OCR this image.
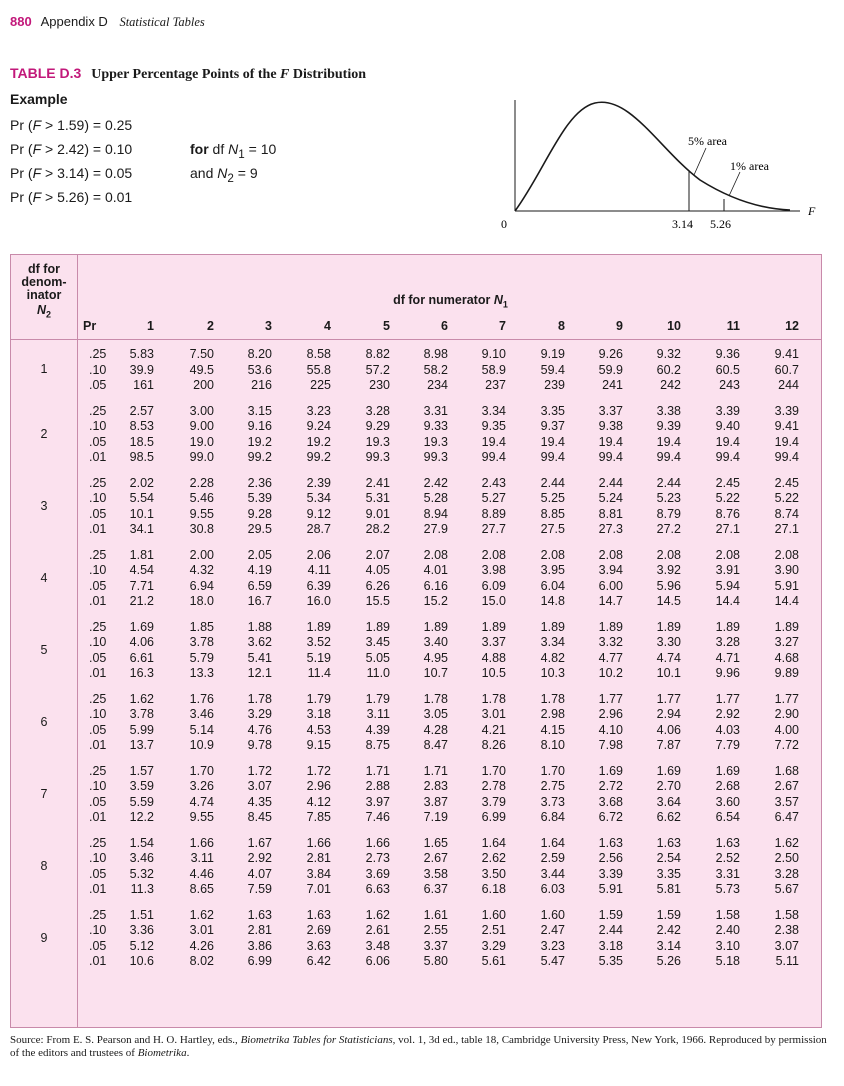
880 Appendix D Statistical Tables
TABLE D.3 Upper Percentage Points of the F Distribution
Example
Pr (F > 1.59) = 0.25
Pr (F > 2.42) = 0.10
Pr (F > 3.14) = 0.05
Pr (F > 5.26) = 0.01
for df $N_1 = 10$
and $N_2 = 9$
5% area
1% area
0	3.14 5.26
F
df for
denom-
inator
$N_2$
df for numerator $N_1$
Pr	1	2	3	4	5	6	7	8	9	10	11	12
.25 5.83	7.50	8.20	8.58	8.82	8.98	9.10	9.19	9.26	9.32	9.36	9.41
.10 39.9	49.5	53.6	55.8	57.2	58.2	58.9	59.4	59.9	60.2	60.5	60.7
.05 161	200	216	225	230	234	237	239	241	242	243	244
1
.25 2.57	3.00	3.15	3.23	3.28	3.31	3.34	3.35	3.37	3.38	3.39	3.39
.10 8.53	9.00	9.16	9.24	9.29	9.33	9.35	9.37	9.38	9.39	9.40	9.41
.05 18.5	19.0	19.2	19.2	19.3	19.3	19.4	19.4	19.4	19.4	19.4	19.4
.01 98.5	99.0	99.2	99.2	99.3	99.3	99.4	99.4	99.4	99.4	99.4	99.4
2
.25 2.02	2.28	2.36	2.39	2.41	2.42	2.43	2.44	2.44	2.44	2.45	2.45
.10 5.54	5.46	5.39	5.34	5.31	5.28	5.27	5.25	5.24	5.23	5.22	5.22
.05 10.1	9.55	9.28	9.12	9.01	8.94	8.89	8.85	8.81	8.79	8.76	8.74
.01 34.1	30.8	29.5	28.7	28.2	27.9	27.7	27.5	27.3	27.2	27.1	27.1
3
.25 1.81	2.00	2.05	2.06	2.07	2.08	2.08	2.08	2.08	2.08	2.08	2.08
.10 4.54	4.32	4.19	4.11	4.05	4.01	3.98	3.95	3.94	3.92	3.91	3.90
.05 7.71	6.94	6.59	6.39	6.26	6.16	6.09	6.04	6.00	5.96	5.94	5.91
.01 21.2	18.0	16.7	16.0	15.5	15.2	15.0	14.8	14.7	14.5	14.4	14.4
4
.25 1.69	1.85	1.88	1.89	1.89	1.89	1.89	1.89	1.89	1.89	1.89	1.89
.10 4.06	3.78	3.62	3.52	3.45	3.40	3.37	3.34	3.32	3.30	3.28	3.27
.05 6.61	5.79	5.41	5.19	5.05	4.95	4.88	4.82	4.77	4.74	4.71	4.68
.01 16.3	13.3	12.1	11.4	11.0	10.7	10.5	10.3	10.2	10.1	9.96	9.89
5
.25 1.62	1.76	1.78	1.79	1.79	1.78	1.78	1.78	1.77	1.77	1.77	1.77
.10 3.78	3.46	3.29	3.18	3.11	3.05	3.01	2.98	2.96	2.94	2.92	2.90
.05 5.99	5.14	4.76	4.53	4.39	4.28	4.21	4.15	4.10	4.06	4.03	4.00
.01 13.7	10.9	9.78	9.15	8.75	8.47	8.26	8.10	7.98	7.87	7.79	7.72
6
.25 1.57	1.70	1.72	1.72	1.71	1.71	1.70	1.70	1.69	1.69	1.69	1.68
.10 3.59	3.26	3.07	2.96	2.88	2.83	2.78	2.75	2.72	2.70	2.68	2.67
.05 5.59	4.74	4.35	4.12	3.97	3.87	3.79	3.73	3.68	3.64	3.60	3.57
.01 12.2	9.55	8.45	7.85	7.46	7.19	6.99	6.84	6.72	6.62	6.54	6.47
7
.25 1.54	1.66	1.67	1.66	1.66	1.65	1.64	1.64	1.63	1.63	1.63	1.62
.10 3.46	3.11	2.92	2.81	2.73	2.67	2.62	2.59	2.56	2.54	2.52	2.50
.05 5.32	4.46	4.07	3.84	3.69	3.58	3.50	3.44	3.39	3.35	3.31	3.28
.01 11.3	8.65	7.59	7.01	6.63	6.37	6.18	6.03	5.91	5.81	5.73	5.67
8
.25 1.51	1.62	1.63	1.63	1.62	1.61	1.60	1.60	1.59	1.59	1.58	1.58
.10 3.36	3.01	2.81	2.69	2.61	2.55	2.51	2.47	2.44	2.42	2.40	2.38
.05 5.12	4.26	3.86	3.63	3.48	3.37	3.29	3.23	3.18	3.14	3.10	3.07
.01 10.6	8.02	6.99	6.42	6.06	5.80	5.61	5.47	5.35	5.26	5.18	5.11
9
Source: From E. S. Pearson and H. O. Hartley, eds., Biometrika Tables for Statisticians, vol. 1, 3d ed., table 18, Cambridge University Press, New York, 1966. Reproduced by permission of the editors and trustees of Biometrika.
